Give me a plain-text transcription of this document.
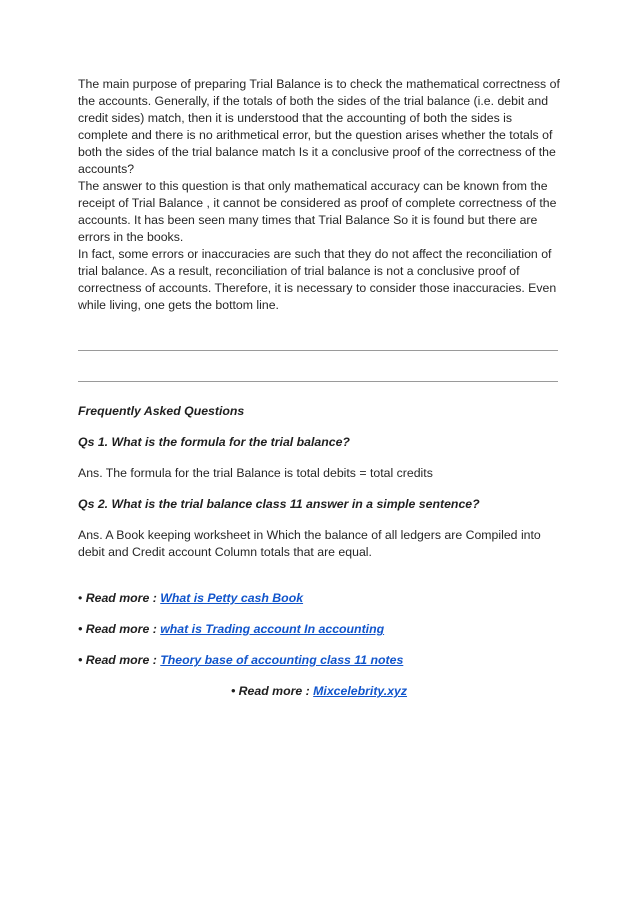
The main purpose of preparing Trial Balance is to check the mathematical correctness of the accounts. Generally, if the totals of both the sides of the trial balance (i.e. debit and credit sides) match, then it is understood that the accounting of both the sides is complete and there is no arithmetical error, but the question arises whether the totals of both the sides of the trial balance match Is it a conclusive proof of the correctness of the accounts?

The answer to this question is that only mathematical accuracy can be known from the receipt of Trial Balance , it cannot be considered as proof of complete correctness of the accounts. It has been seen many times that Trial Balance So it is found but there are errors in the books.

In fact, some errors or inaccuracies are such that they do not affect the reconciliation of trial balance. As a result, reconciliation of trial balance is not a conclusive proof of correctness of accounts. Therefore, it is necessary to consider those inaccuracies. Even while living, one gets the bottom line.

Frequently Asked Questions

Qs 1. What is the formula for the trial balance?

Ans. The formula for the trial Balance is total debits = total credits

Qs 2. What is the trial balance class 11 answer in a simple sentence?

Ans. A Book keeping worksheet in Which the balance of all ledgers are Compiled into debit and Credit account Column totals that are equal.

• Read more : What is Petty cash Book

• Read more : what is Trading account In accounting

• Read more : Theory base of accounting class 11 notes

• Read more : Mixcelebrity.xyz
